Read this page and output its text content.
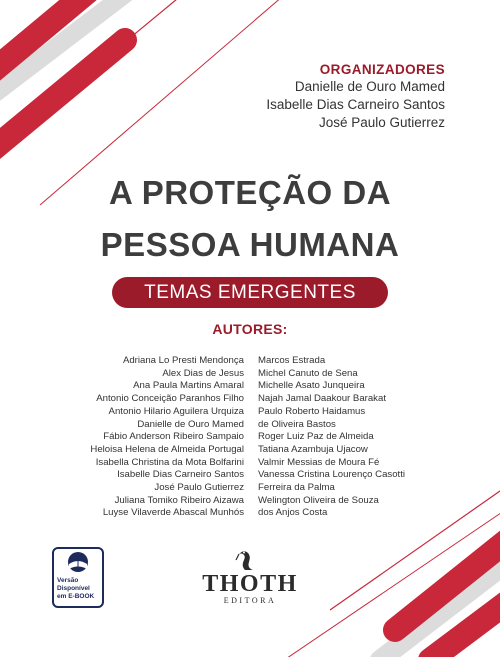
ORGANIZADORES
Danielle de Ouro Mamed
Isabelle Dias Carneiro Santos
José Paulo Gutierrez
A PROTEÇÃO DA
PESSOA HUMANA
TEMAS EMERGENTES
AUTORES:
Adriana Lo Presti Mendonça
Alex Dias de Jesus
Ana Paula Martins Amaral
Antonio Conceição Paranhos Filho
Antonio Hilario Aguilera Urquiza
Danielle de Ouro Mamed
Fábio Anderson Ribeiro Sampaio
Heloisa Helena de Almeida Portugal
Isabella Christina da Mota Bolfarini
Isabelle Dias Carneiro Santos
José Paulo Gutierrez
Juliana Tomiko Ribeiro Aizawa
Luyse Vilaverde Abascal Munhós
Marcos Estrada
Michel Canuto de Sena
Michelle Asato Junqueira
Najah Jamal Daakour Barakat
Paulo Roberto Haidamus
de Oliveira Bastos
Roger Luiz Paz de Almeida
Tatiana Azambuja Ujacow
Valmir Messias de Moura Fé
Vanessa Cristina Lourenço Casotti
Ferreira da Palma
Welington Oliveira de Souza
dos Anjos Costa
Versão
Disponível
em E-BOOK	THOTH
EDITORA
